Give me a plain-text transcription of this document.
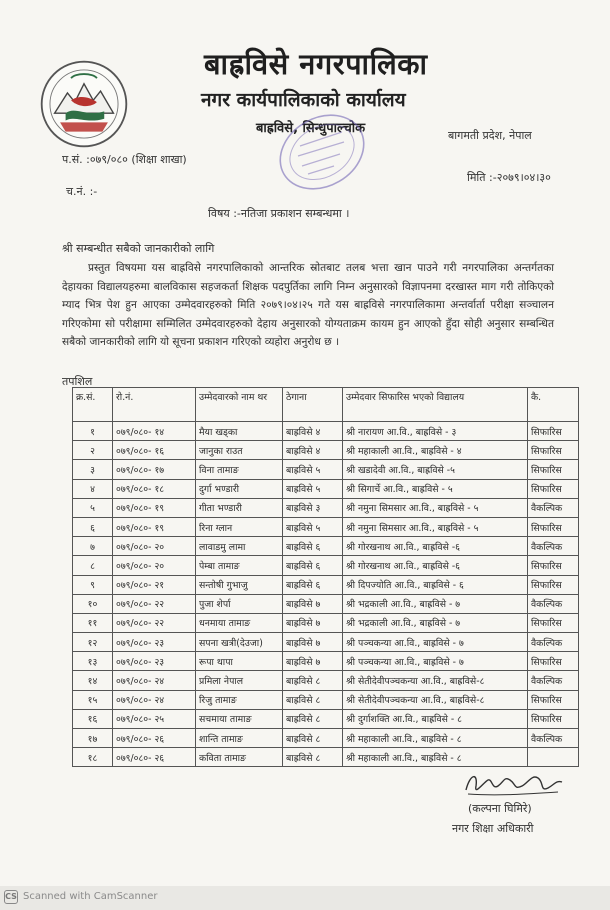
बाह्रविसे नगरपालिका
नगर कार्यपालिकाको कार्यालय
बाह्रविसे, सिन्धुपाल्चोक	बागमती प्रदेश, नेपाल
प.सं. :०७९/०८० (शिक्षा शाखा)
च.नं. :-
मिति :-२०७९।०४।३०
विषय :-नतिजा प्रकाशन सम्बन्धमा ।
श्री सम्बन्धीत सबैको जानकारीको लागि
प्रस्तुत विषयमा यस बाह्रविसे नगरपालिकाको आन्तरिक स्रोतबाट तलब भत्ता खान पाउने गरी नगरपालिका अन्तर्गतका देहायका विद्यालयहरुमा बालविकास सहजकर्ता शिक्षक पदपुर्तिका लागि निम्न अनुसारको विज्ञापनमा दरखास्त माग गरी तोकिएको म्याद भित्र पेश हुन आएका उम्मेदवारहरुको मिति २०७९।०४।२५ गते यस बाह्रविसे नगरपालिकामा अन्तर्वार्ता परीक्षा सञ्चालन गरिएकोमा सो परीक्षामा सम्मिलित उम्मेदवारहरुको देहाय अनुसारको योग्यताक्रम कायम हुन आएको हुँदा सोही अनुसार सम्बन्धित सबैको जानकारीको लागि यो सूचना प्रकाशन गरिएको व्यहोरा अनुरोध छ ।
तपशिल
क्र.सं.	रो.नं.	उम्मेदवारको नाम थर	ठेगाना	उम्मेदवार सिफारिस भएको विद्यालय	कै.
१	०७९/०८०- १४	मैया खड्का	बाह्रविसे ४	श्री नारायण आ.वि., बाह्रविसे - ३	सिफारिस
२	०७९/०८०- १६	जानुका राउत	बाह्रविसे ४	श्री महाकाली आ.वि., बाह्रविसे - ४	सिफारिस
३	०७९/०८०- १७	विना तामाङ	बाह्रविसे ५	श्री खडादेवी आ.वि., बाह्रविसे -५	सिफारिस
४	०७९/०८०- १८	दुर्गा भण्डारी	बाह्रविसे ५	श्री सिगार्चे आ.वि., बाह्रविसे - ५	सिफारिस
५	०७९/०८०- १९	गीता भण्डारी	बाह्रविसे ३	श्री नमुना सिमसार आ.वि., बाह्रविसे - ५	वैकल्पिक
६	०७९/०८०- १९	रिना ग्लान	बाह्रविसे ५	श्री नमुना सिमसार आ.वि., बाह्रविसे - ५	सिफारिस
७	०७९/०८०- २०	लावाडमु लामा	बाह्रविसे ६	श्री गोरखनाथ आ.वि., बाह्रविसे -६	वैकल्पिक
८	०७९/०८०- २०	पेम्बा तामाङ	बाह्रविसे ६	श्री गोरखनाथ आ.वि., बाह्रविसे -६	सिफारिस
९	०७९/०८०- २१	सन्तोषी गुभाजु	बाह्रविसे ६	श्री दिपज्योति आ.वि., बाह्रविसे - ६	सिफारिस
१०	०७९/०८०- २२	पुजा शेर्पा	बाह्रविसे ७	श्री भद्रकाली आ.वि., बाह्रविसे - ७	वैकल्पिक
११	०७९/०८०- २२	धनमाया तामाङ	बाह्रविसे ७	श्री भद्रकाली आ.वि., बाह्रविसे - ७	सिफारिस
१२	०७९/०८०- २३	सपना खत्री(देउजा)	बाह्रविसे ७	श्री पञ्चकन्या आ.वि., बाह्रविसे - ७	वैकल्पिक
१३	०७९/०८०- २३	रूपा थापा	बाह्रविसे ७	श्री पञ्चकन्या आ.वि., बाह्रविसे - ७	सिफारिस
१४	०७९/०८०- २४	प्रमिला नेपाल	बाह्रविसे ८	श्री सेतीदेवीपञ्चकन्या आ.वि., बाह्रविसे-८	वैकल्पिक
१५	०७९/०८०- २४	रिजु तामाङ	बाह्रविसे ८	श्री सेतीदेवीपञ्चकन्या आ.वि., बाह्रविसे-८	सिफारिस
१६	०७९/०८०- २५	सचमाया तामाङ	बाह्रविसे ८	श्री दुर्गाशक्ति आ.वि., बाह्रविसे - ८	सिफारिस
१७	०७९/०८०- २६	शान्ति तामाङ	बाह्रविसे ८	श्री महाकाली आ.वि., बाह्रविसे - ८	वैकल्पिक
१८	०७९/०८०- २६	कविता तामाङ	बाह्रविसे ८	श्री महाकाली आ.वि., बाह्रविसे - ८	
(कल्पना घिमिरे)
नगर शिक्षा अधिकारी
CS Scanned with CamScanner
